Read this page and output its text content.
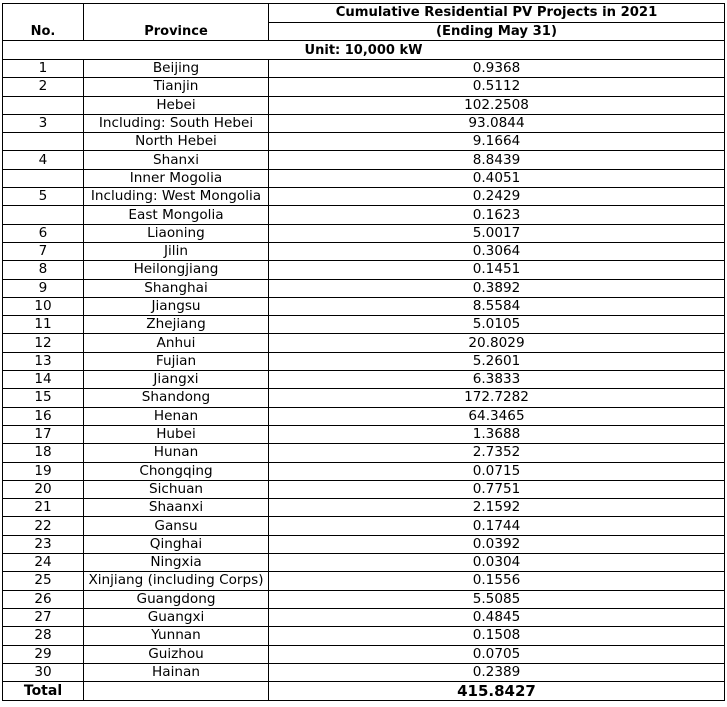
		Cumulative Residential PV Projects in 2021
No.	Province	(Ending May 31)
Unit: 10,000 kW		
1	Beijing	0.9368
2	Tianjin	0.5112
	Hebei	102.2508
3	Including: South Hebei	93.0844
	North Hebei	9.1664
4	Shanxi	8.8439
	Inner Mogolia	0.4051
5	Including: West Mongolia	0.2429
	East Mongolia	0.1623
6	Liaoning	5.0017
7	Jilin	0.3064
8	Heilongjiang	0.1451
9	Shanghai	0.3892
10	Jiangsu	8.5584
11	Zhejiang	5.0105
12	Anhui	20.8029
13	Fujian	5.2601
14	Jiangxi	6.3833
15	Shandong	172.7282
16	Henan	64.3465
17	Hubei	1.3688
18	Hunan	2.7352
19	Chongqing	0.0715
20	Sichuan	0.7751
21	Shaanxi	2.1592
22	Gansu	0.1744
23	Qinghai	0.0392
24	Ningxia	0.0304
25	Xinjiang (including Corps)	0.1556
26	Guangdong	5.5085
27	Guangxi	0.4845
28	Yunnan	0.1508
29	Guizhou	0.0705
30	Hainan	0.2389
Total		415.8427
